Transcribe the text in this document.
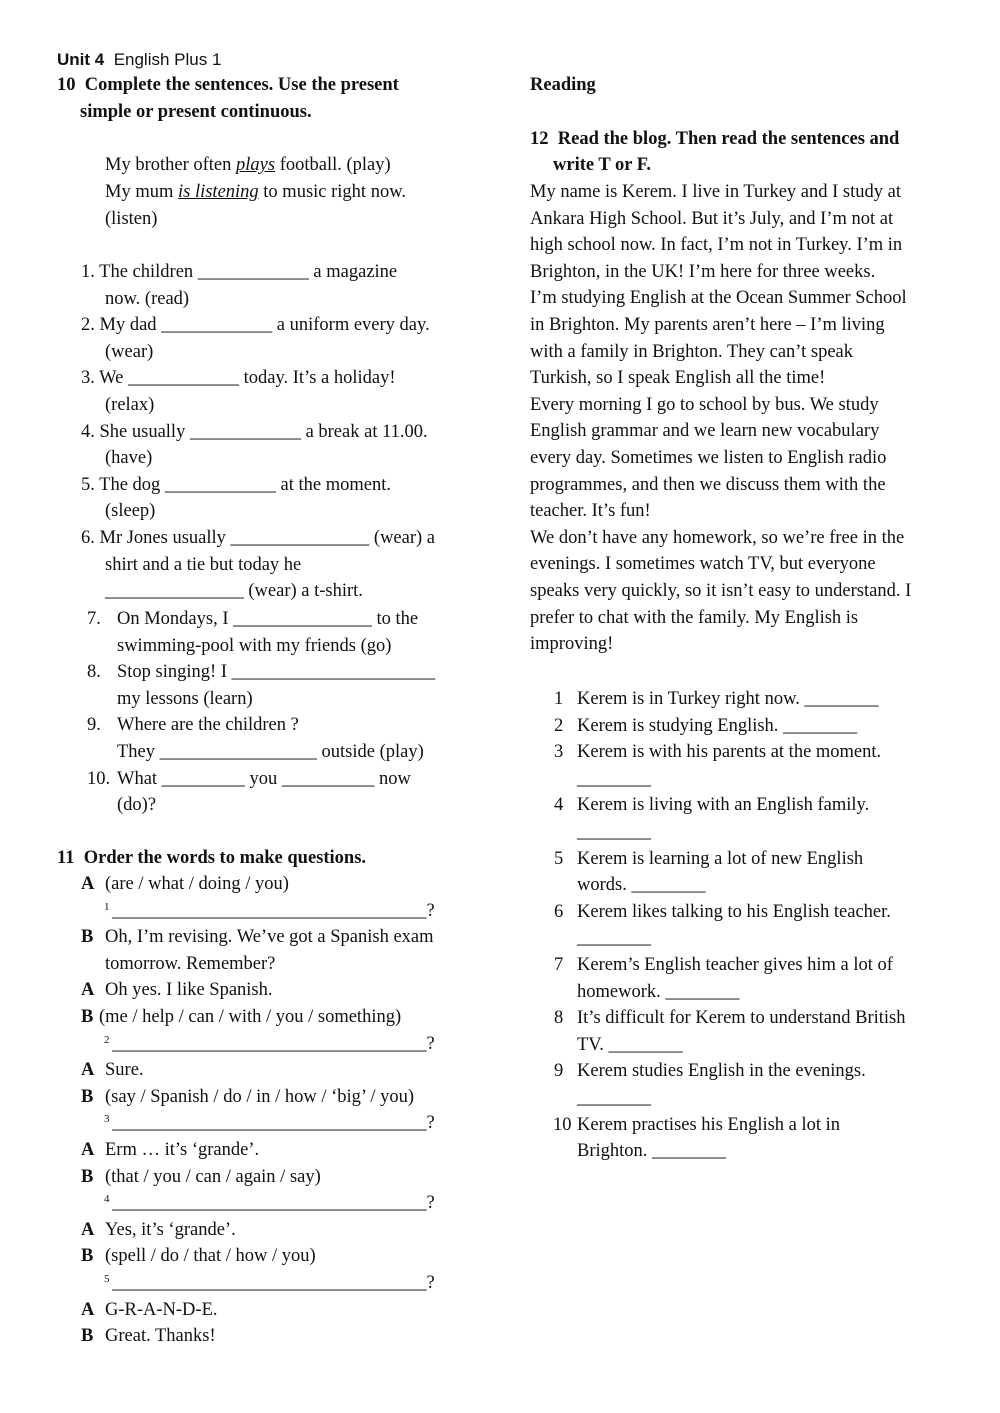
Unit 4 English Plus 1
10 Complete the sentences. Use the present
simple or present continuous.
My brother often plays football. (play)
My mum is listening to music right now.
(listen)
1. The children ____________ a magazine
now. (read)
2. My dad ____________ a uniform every day.
(wear)
3. We ____________ today. It’s a holiday!
(relax)
4. She usually ____________ a break at 11.00.
(have)
5. The dog ____________ at the moment.
(sleep)
6. Mr Jones usually _______________ (wear) a
shirt and a tie but today he
_______________ (wear) a t-shirt.
7. On Mondays, I _______________ to the
swimming-pool with my friends (go)
8. Stop singing! I ______________________
my lessons (learn)
9. Where are the children ?
They _________________ outside (play)
10. What _________ you __________ now
(do)?
11 Order the words to make questions.
A (are / what / doing / you)
1 __________________________________?
B Oh, I’m revising. We’ve got a Spanish exam
tomorrow. Remember?
A Oh yes. I like Spanish.
B (me / help / can / with / you / something)
2 __________________________________?
A Sure.
B (say / Spanish / do / in / how / ‘big’ / you)
3 __________________________________?
A Erm … it’s ‘grande’.
B (that / you / can / again / say)
4 __________________________________?
A Yes, it’s ‘grande’.
B (spell / do / that / how / you)
5 __________________________________?
A G-R-A-N-D-E.
B Great. Thanks!
Reading
12 Read the blog. Then read the sentences and
write T or F.
My name is Kerem. I live in Turkey and I study at
Ankara High School. But it’s July, and I’m not at
high school now. In fact, I’m not in Turkey. I’m in
Brighton, in the UK! I’m here for three weeks.
I’m studying English at the Ocean Summer School
in Brighton. My parents aren’t here – I’m living
with a family in Brighton. They can’t speak
Turkish, so I speak English all the time!
Every morning I go to school by bus. We study
English grammar and we learn new vocabulary
every day. Sometimes we listen to English radio
programmes, and then we discuss them with the
teacher. It’s fun!
We don’t have any homework, so we’re free in the
evenings. I sometimes watch TV, but everyone
speaks very quickly, so it isn’t easy to understand. I
prefer to chat with the family. My English is
improving!
1 Kerem is in Turkey right now. ________
2 Kerem is studying English. ________
3 Kerem is with his parents at the moment.
________
4 Kerem is living with an English family.
________
5 Kerem is learning a lot of new English
words. ________
6 Kerem likes talking to his English teacher.
________
7 Kerem’s English teacher gives him a lot of
homework. ________
8 It’s difficult for Kerem to understand British
TV. ________
9 Kerem studies English in the evenings.
________
10 Kerem practises his English a lot in
Brighton. ________
